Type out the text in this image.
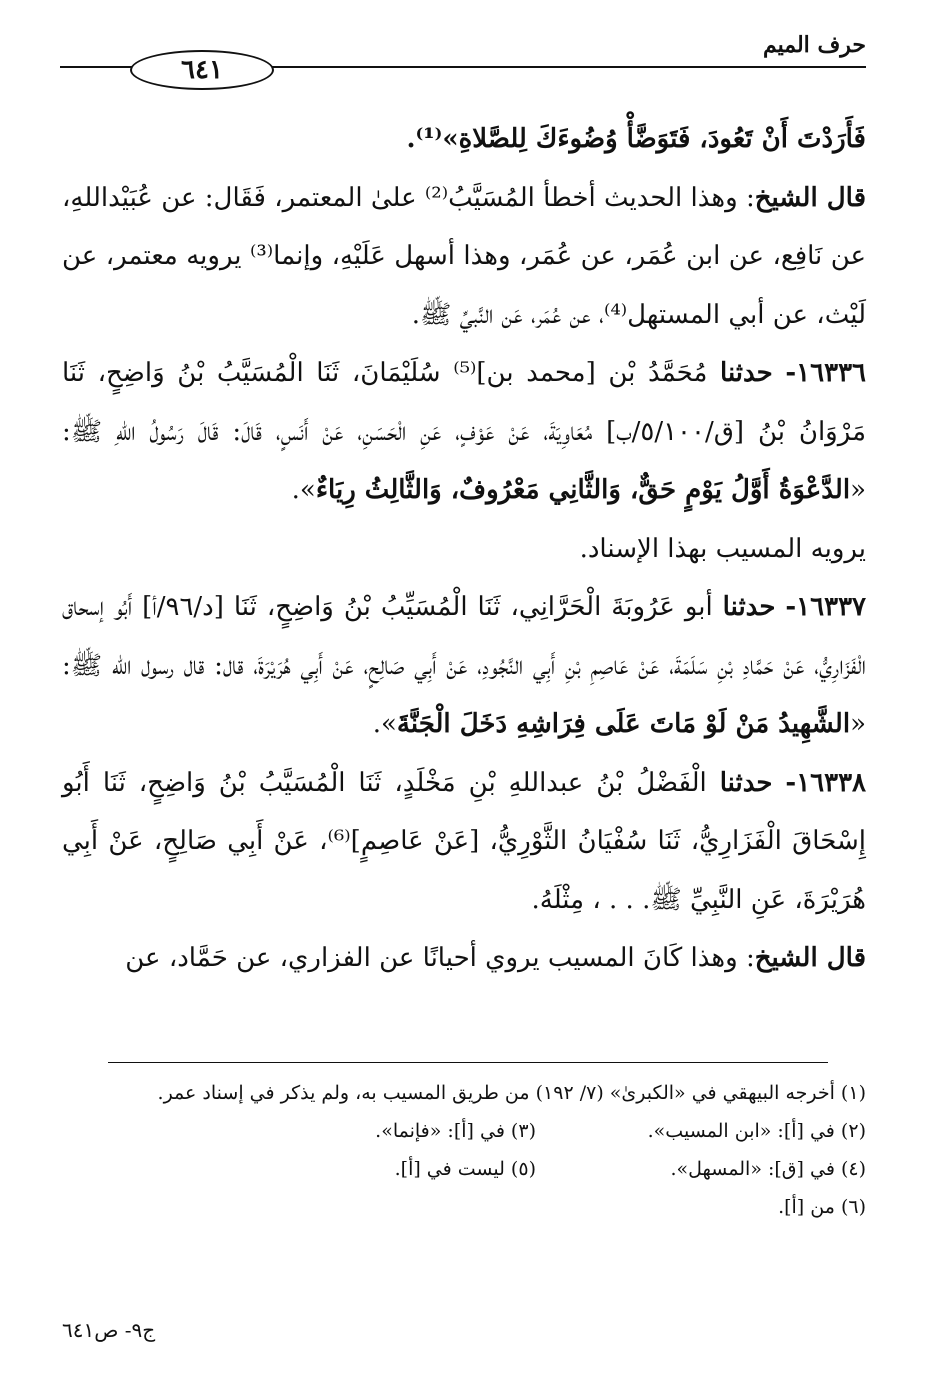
حرف الميم
٦٤١

فَأَرَدْتَ أَنْ تَعُودَ، فَتَوَضَّأْ وُضُوءَكَ لِلصَّلاةِ»⁽¹⁾.

قال الشيخ: وهذا الحديث أخطأ المُسَيَّبُ⁽²⁾ علىٰ المعتمر، فَقَال: عن عُبَيْداللهِ، عن نَافِع، عن ابن عُمَر، عن عُمَر، وهذا أسهل عَلَيْهِ، وإنما⁽³⁾ يرويه معتمر، عن لَيْث، عن أبي المستهل⁽⁴⁾، عن عُمَر، عَن النَّبيِّ ﷺ.

١٦٣٣٦- حدثنا مُحَمَّدُ بْن [محمد بن]⁽⁵⁾ سُلَيْمَانَ، ثَنَا الْمُسَيَّبُ بْنُ وَاضِحٍ، ثَنَا مَرْوَانُ بْنُ [ق/٥/١٠٠/ب] مُعَاوِيَةَ، عَنْ عَوْفٍ، عَنِ الْحَسَنِ، عَنْ أَنَسٍ، قَالَ: قَالَ رَسُولُ اللهِ ﷺ: «الدَّعْوَةُ أَوَّلُ يَوْمٍ حَقٌّ، وَالثَّانِي مَعْرُوفٌ، وَالثَّالِثُ رِيَاءٌ».

يرويه المسيب بهذا الإسناد.

١٦٣٣٧- حدثنا أبو عَرُوبَةَ الْحَرَّانِي، ثَنَا الْمُسَيِّبُ بْنُ وَاضِحٍ، ثَنَا [د/٩٦/أ] أَبُو إسحاق الْفَزَارِيُّ، عَنْ حَمَّادِ بْنِ سَلَمَةَ، عَنْ عَاصِمِ بْنِ أَبِي النَّجُودِ، عَنْ أَبِي صَالِحٍ، عَنْ أَبِي هُرَيْرَةَ، قال: قال رسول الله ﷺ: «الشَّهِيدُ مَنْ لَوْ مَاتَ عَلَى فِرَاشِهِ دَخَلَ الْجَنَّةَ».

١٦٣٣٨- حدثنا الْفَضْلُ بْنُ عبداللهِ بْنِ مَخْلَدٍ، ثَنَا الْمُسَيَّبُ بْنُ وَاضِحٍ، ثَنَا أَبُو إِسْحَاقَ الْفَزَارِيُّ، ثَنَا سُفْيَانُ الثَّوْرِيُّ، [عَنْ عَاصِمٍ]⁽⁶⁾، عَنْ أَبِي صَالِحٍ، عَنْ أَبِي هُرَيْرَةَ، عَنِ النَّبِيِّ ﷺ. . . ، مِثْلَهُ.

قال الشيخ: وهذا كَانَ المسيب يروي أحيانًا عن الفزاري، عن حَمَّاد، عن

(١) أخرجه البيهقي في «الكبرىٰ» (٧/ ١٩٢) من طريق المسيب به، ولم يذكر في إسناد عمر.
(٢) في [أ]: «ابن المسيب».
(٣) في [أ]: «فإنما».
(٤) في [ق]: «المسهل».
(٥) ليست في [أ].
(٦) من [أ].
ج٩- ص٦٤١
